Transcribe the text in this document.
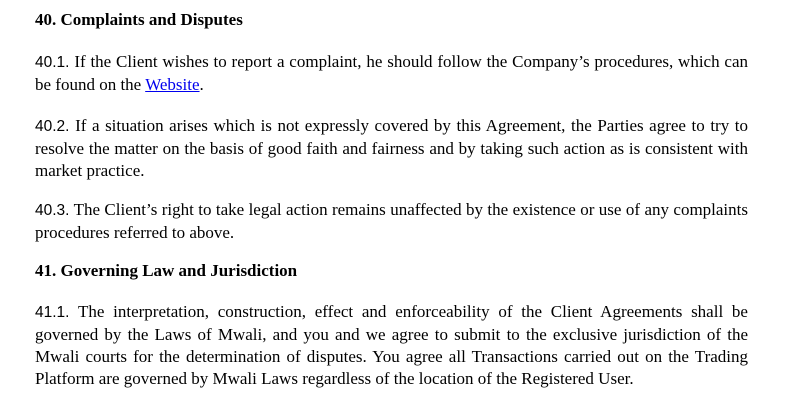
40. Complaints and Disputes

40.1. If the Client wishes to report a complaint, he should follow the Company’s procedures, which can be found on the Website.

40.2. If a situation arises which is not expressly covered by this Agreement, the Parties agree to try to resolve the matter on the basis of good faith and fairness and by taking such action as is consistent with market practice.

40.3. The Client’s right to take legal action remains unaffected by the existence or use of any complaints procedures referred to above.

41. Governing Law and Jurisdiction

41.1. The interpretation, construction, effect and enforceability of the Client Agreements shall be governed by the Laws of Mwali, and you and we agree to submit to the exclusive jurisdiction of the Mwali courts for the determination of disputes. You agree all Transactions carried out on the Trading Platform are governed by Mwali Laws regardless of the location of the Registered User.
